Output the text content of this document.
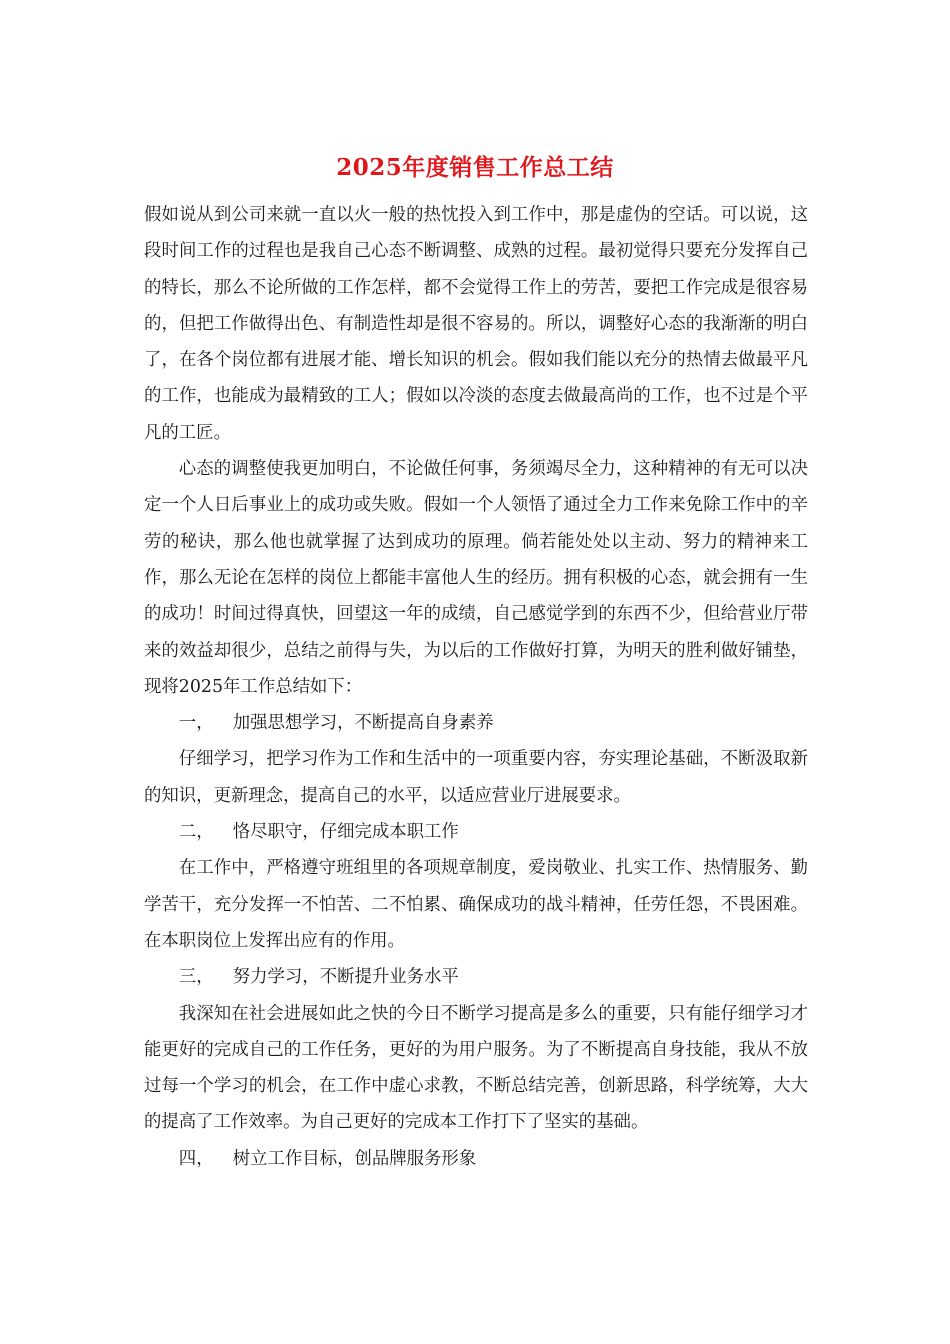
2025年度销售工作总工结

假如说从到公司来就一直以火一般的热忱投入到工作中，那是虚伪的空话。可以说，这段时间工作的过程也是我自己心态不断调整、成熟的过程。最初觉得只要充分发挥自己的特长，那么不论所做的工作怎样，都不会觉得工作上的劳苦，要把工作完成是很容易的，但把工作做得出色、有制造性却是很不容易的。所以，调整好心态的我渐渐的明白了，在各个岗位都有进展才能、增长知识的机会。假如我们能以充分的热情去做最平凡的工作，也能成为最精致的工人；假如以冷淡的态度去做最高尚的工作，也不过是个平凡的工匠。

心态的调整使我更加明白，不论做任何事，务须竭尽全力，这种精神的有无可以决定一个人日后事业上的成功或失败。假如一个人领悟了通过全力工作来免除工作中的辛劳的秘诀，那么他也就掌握了达到成功的原理。倘若能处处以主动、努力的精神来工作，那么无论在怎样的岗位上都能丰富他人生的经历。拥有积极的心态，就会拥有一生的成功！时间过得真快，回望这一年的成绩，自己感觉学到的东西不少，但给营业厅带来的效益却很少，总结之前得与失，为以后的工作做好打算，为明天的胜利做好铺垫，现将2025年工作总结如下：

一， 加强思想学习，不断提高自身素养

仔细学习，把学习作为工作和生活中的一项重要内容，夯实理论基础，不断汲取新的知识，更新理念，提高自己的水平，以适应营业厅进展要求。

二， 恪尽职守，仔细完成本职工作

在工作中，严格遵守班组里的各项规章制度，爱岗敬业、扎实工作、热情服务、勤学苦干，充分发挥一不怕苦、二不怕累、确保成功的战斗精神，任劳任怨，不畏困难。在本职岗位上发挥出应有的作用。

三， 努力学习，不断提升业务水平

我深知在社会进展如此之快的今日不断学习提高是多么的重要，只有能仔细学习才能更好的完成自己的工作任务，更好的为用户服务。为了不断提高自身技能，我从不放过每一个学习的机会，在工作中虚心求教，不断总结完善，创新思路，科学统筹，大大的提高了工作效率。为自己更好的完成本工作打下了坚实的基础。

四， 树立工作目标，创品牌服务形象
